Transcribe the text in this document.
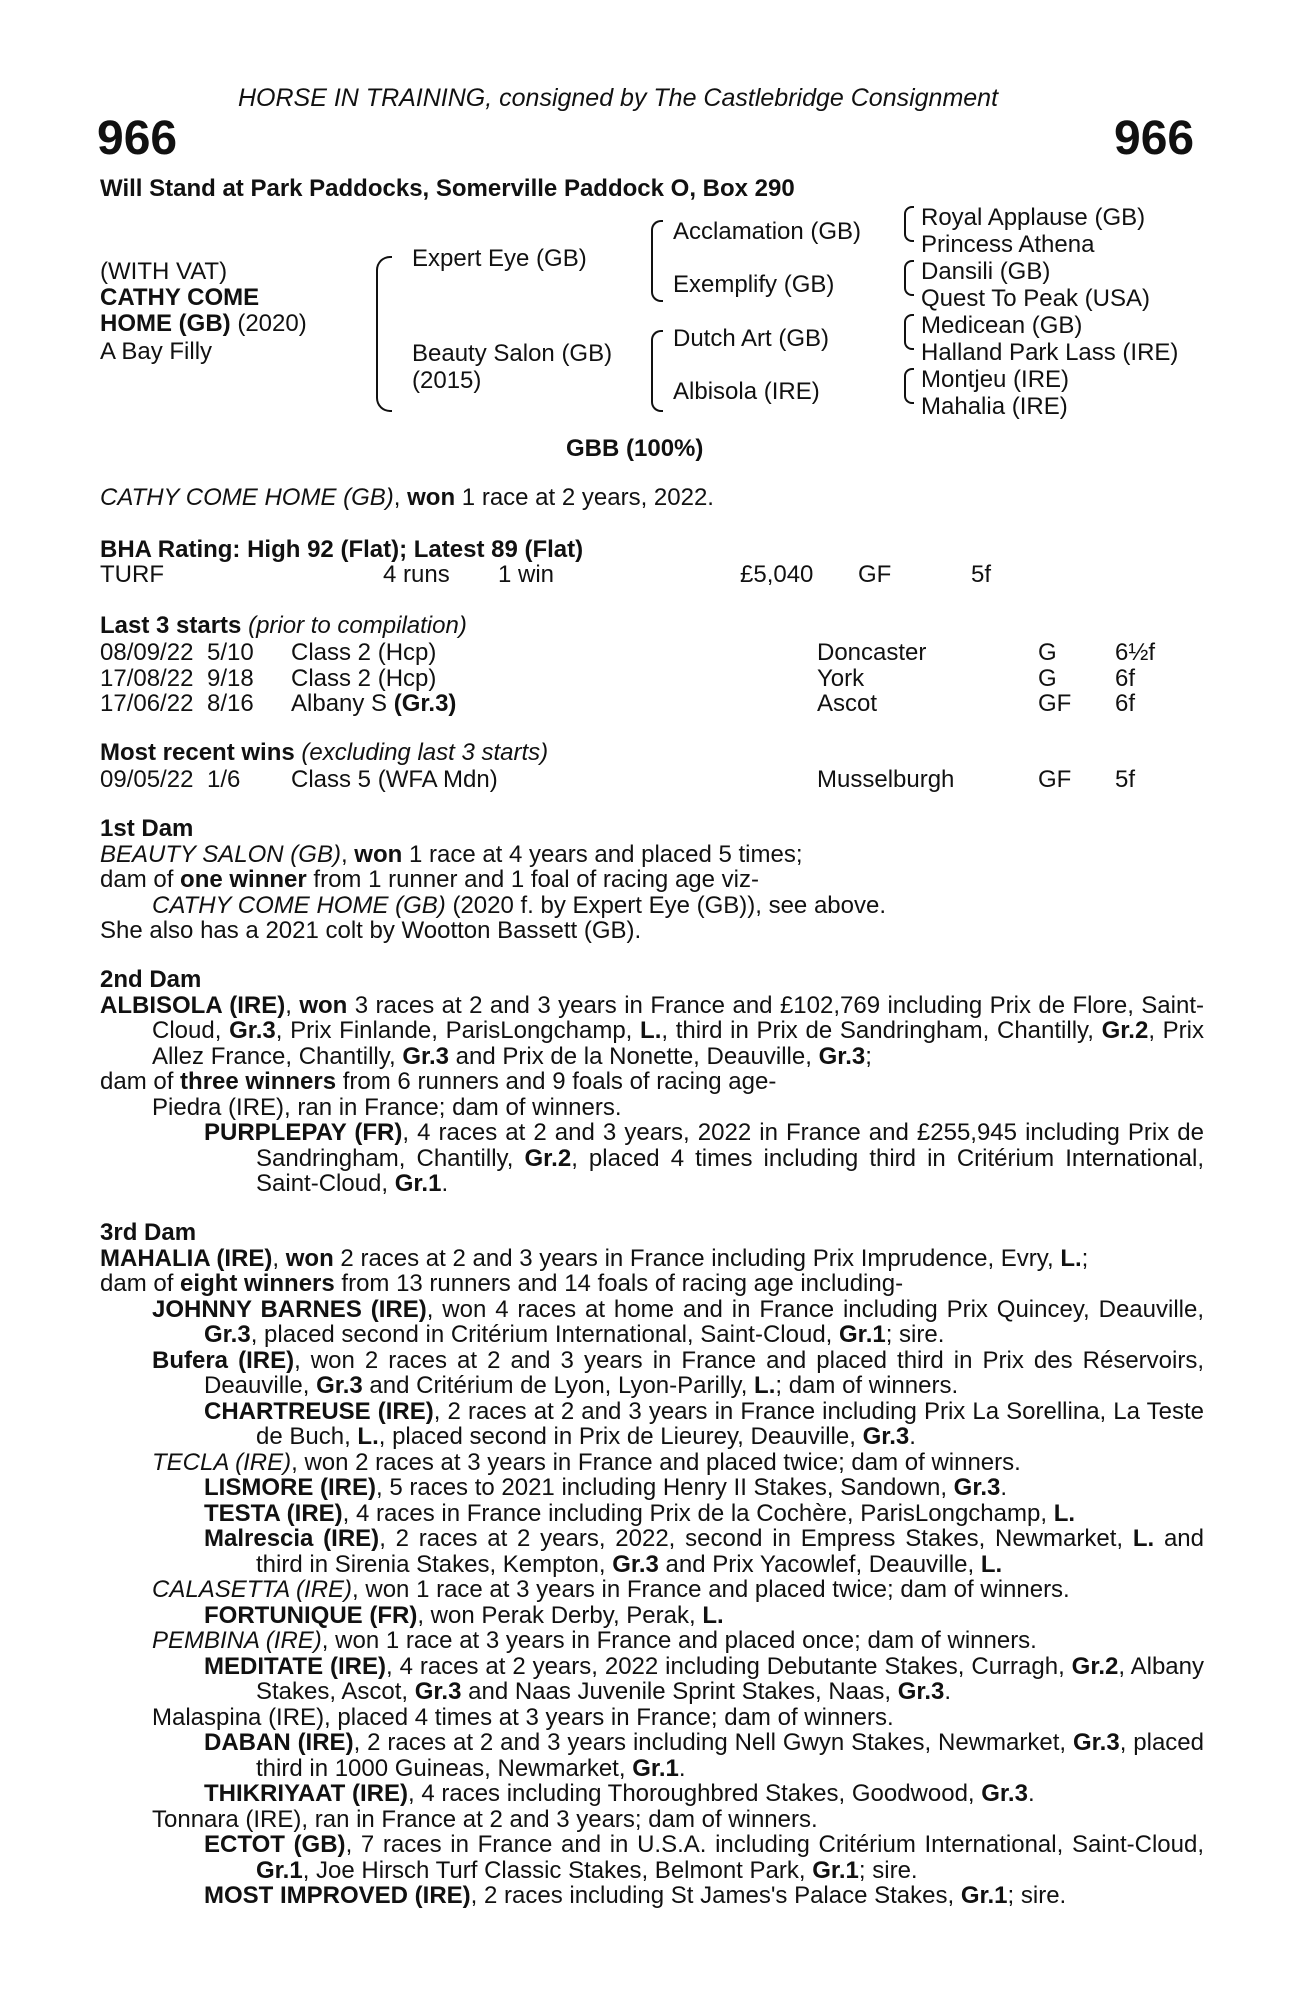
HORSE IN TRAINING, consigned by The Castlebridge Consignment
966	966
Will Stand at Park Paddocks, Somerville Paddock O, Box 290
(WITH VAT)
CATHY COME
HOME (GB) (2020)
A Bay Filly
Expert Eye (GB)
Beauty Salon (GB)
(2015)
Acclamation (GB)
Exemplify (GB)
Dutch Art (GB)
Albisola (IRE)
Royal Applause (GB)
Princess Athena
Dansili (GB)
Quest To Peak (USA)
Medicean (GB)
Halland Park Lass (IRE)
Montjeu (IRE)
Mahalia (IRE)
GBB (100%)
CATHY COME HOME (GB), won 1 race at 2 years, 2022.
BHA Rating: High 92 (Flat); Latest 89 (Flat)
TURF	4 runs 1 win	£5,040 GF	5f
Last 3 starts (prior to compilation)
08/09/22 5/10 Class 2 (Hcp)	Doncaster	G 6½f
17/08/22 9/18 Class 2 (Hcp)	York	G 6f
17/06/22 8/16 Albany S (Gr.3)	Ascot	GF 6f
Most recent wins (excluding last 3 starts)
09/05/22 1/6 Class 5 (WFA Mdn)	Musselburgh	GF 5f

1st Dam

BEAUTY SALON (GB), won 1 race at 4 years and placed 5 times;

dam of one winner from 1 runner and 1 foal of racing age viz-

CATHY COME HOME (GB) (2020 f. by Expert Eye (GB)), see above.

She also has a 2021 colt by Wootton Bassett (GB).

2nd Dam

ALBISOLA (IRE), won 3 races at 2 and 3 years in France and £102,769 including Prix de Flore, Saint-Cloud, Gr.3, Prix Finlande, ParisLongchamp, L., third in Prix de Sandringham, Chantilly, Gr.2, Prix Allez France, Chantilly, Gr.3 and Prix de la Nonette, Deauville, Gr.3;

dam of three winners from 6 runners and 9 foals of racing age-

Piedra (IRE), ran in France; dam of winners.

PURPLEPAY (FR), 4 races at 2 and 3 years, 2022 in France and £255,945 including Prix de Sandringham, Chantilly, Gr.2, placed 4 times including third in Critérium International, Saint-Cloud, Gr.1.

3rd Dam

MAHALIA (IRE), won 2 races at 2 and 3 years in France including Prix Imprudence, Evry, L.;

dam of eight winners from 13 runners and 14 foals of racing age including-

JOHNNY BARNES (IRE), won 4 races at home and in France including Prix Quincey, Deauville, Gr.3, placed second in Critérium International, Saint-Cloud, Gr.1; sire.

Bufera (IRE), won 2 races at 2 and 3 years in France and placed third in Prix des Réservoirs, Deauville, Gr.3 and Critérium de Lyon, Lyon-Parilly, L.; dam of winners.

CHARTREUSE (IRE), 2 races at 2 and 3 years in France including Prix La Sorellina, La Teste de Buch, L., placed second in Prix de Lieurey, Deauville, Gr.3.

TECLA (IRE), won 2 races at 3 years in France and placed twice; dam of winners.

LISMORE (IRE), 5 races to 2021 including Henry II Stakes, Sandown, Gr.3.

TESTA (IRE), 4 races in France including Prix de la Cochère, ParisLongchamp, L.

Malrescia (IRE), 2 races at 2 years, 2022, second in Empress Stakes, Newmarket, L. and third in Sirenia Stakes, Kempton, Gr.3 and Prix Yacowlef, Deauville, L.

CALASETTA (IRE), won 1 race at 3 years in France and placed twice; dam of winners.

FORTUNIQUE (FR), won Perak Derby, Perak, L.

PEMBINA (IRE), won 1 race at 3 years in France and placed once; dam of winners.

MEDITATE (IRE), 4 races at 2 years, 2022 including Debutante Stakes, Curragh, Gr.2, Albany Stakes, Ascot, Gr.3 and Naas Juvenile Sprint Stakes, Naas, Gr.3.

Malaspina (IRE), placed 4 times at 3 years in France; dam of winners.

DABAN (IRE), 2 races at 2 and 3 years including Nell Gwyn Stakes, Newmarket, Gr.3, placed third in 1000 Guineas, Newmarket, Gr.1.

THIKRIYAAT (IRE), 4 races including Thoroughbred Stakes, Goodwood, Gr.3.

Tonnara (IRE), ran in France at 2 and 3 years; dam of winners.

ECTOT (GB), 7 races in France and in U.S.A. including Critérium International, Saint-Cloud, Gr.1, Joe Hirsch Turf Classic Stakes, Belmont Park, Gr.1; sire.

MOST IMPROVED (IRE), 2 races including St James's Palace Stakes, Gr.1; sire.
